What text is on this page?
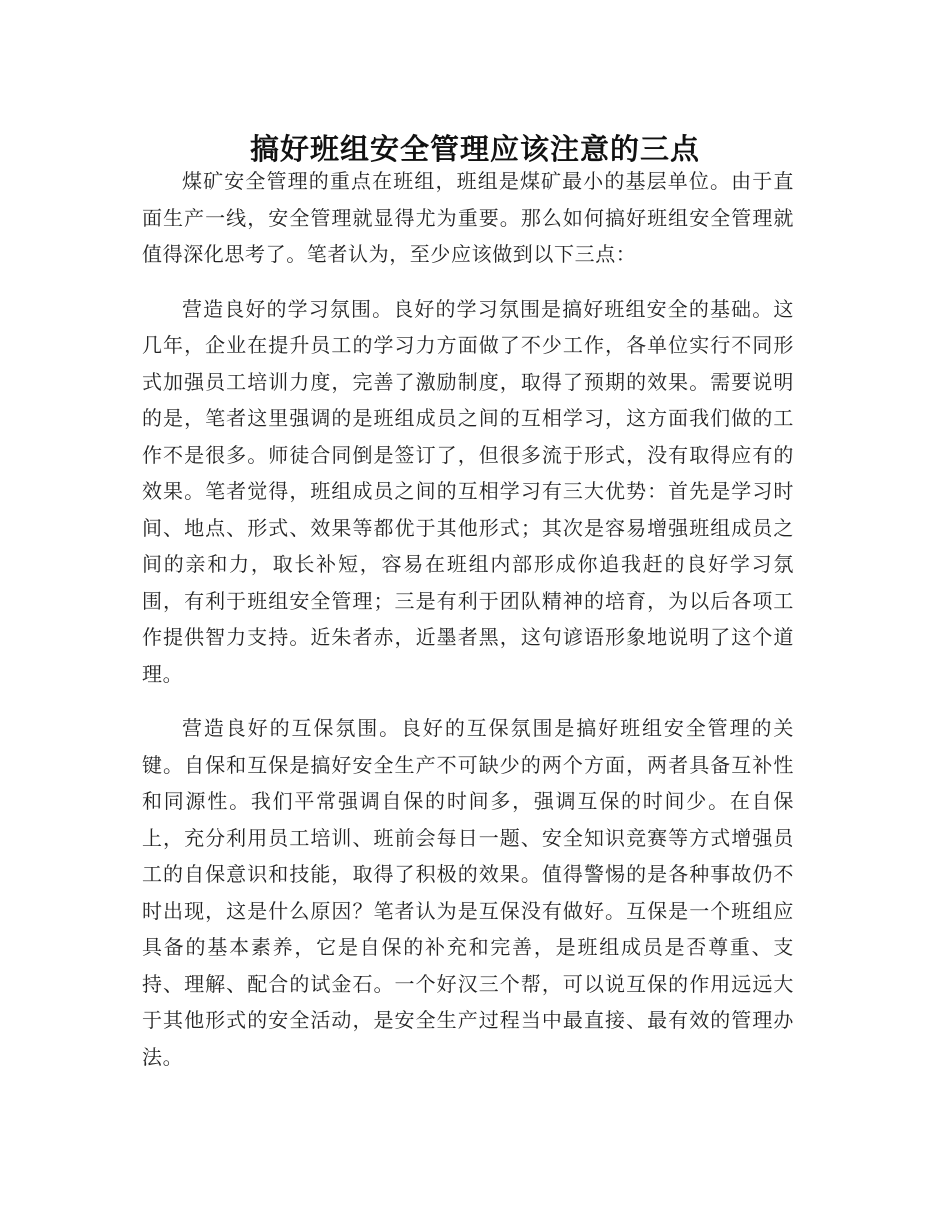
搞好班组安全管理应该注意的三点

煤矿安全管理的重点在班组，班组是煤矿最小的基层单位。由于直面生产一线，安全管理就显得尤为重要。那么如何搞好班组安全管理就值得深化思考了。笔者认为，至少应该做到以下三点：

营造良好的学习氛围。良好的学习氛围是搞好班组安全的基础。这几年，企业在提升员工的学习力方面做了不少工作，各单位实行不同形式加强员工培训力度，完善了激励制度，取得了预期的效果。需要说明的是，笔者这里强调的是班组成员之间的互相学习，这方面我们做的工作不是很多。师徒合同倒是签订了，但很多流于形式，没有取得应有的效果。笔者觉得，班组成员之间的互相学习有三大优势：首先是学习时间、地点、形式、效果等都优于其他形式；其次是容易增强班组成员之间的亲和力，取长补短，容易在班组内部形成你追我赶的良好学习氛围，有利于班组安全管理；三是有利于团队精神的培育，为以后各项工作提供智力支持。近朱者赤，近墨者黑，这句谚语形象地说明了这个道理。

营造良好的互保氛围。良好的互保氛围是搞好班组安全管理的关键。自保和互保是搞好安全生产不可缺少的两个方面，两者具备互补性和同源性。我们平常强调自保的时间多，强调互保的时间少。在自保上，充分利用员工培训、班前会每日一题、安全知识竞赛等方式增强员工的自保意识和技能，取得了积极的效果。值得警惕的是各种事故仍不时出现，这是什么原因？笔者认为是互保没有做好。互保是一个班组应具备的基本素养，它是自保的补充和完善，是班组成员是否尊重、支持、理解、配合的试金石。一个好汉三个帮，可以说互保的作用远远大于其他形式的安全活动，是安全生产过程当中最直接、最有效的管理办法。
